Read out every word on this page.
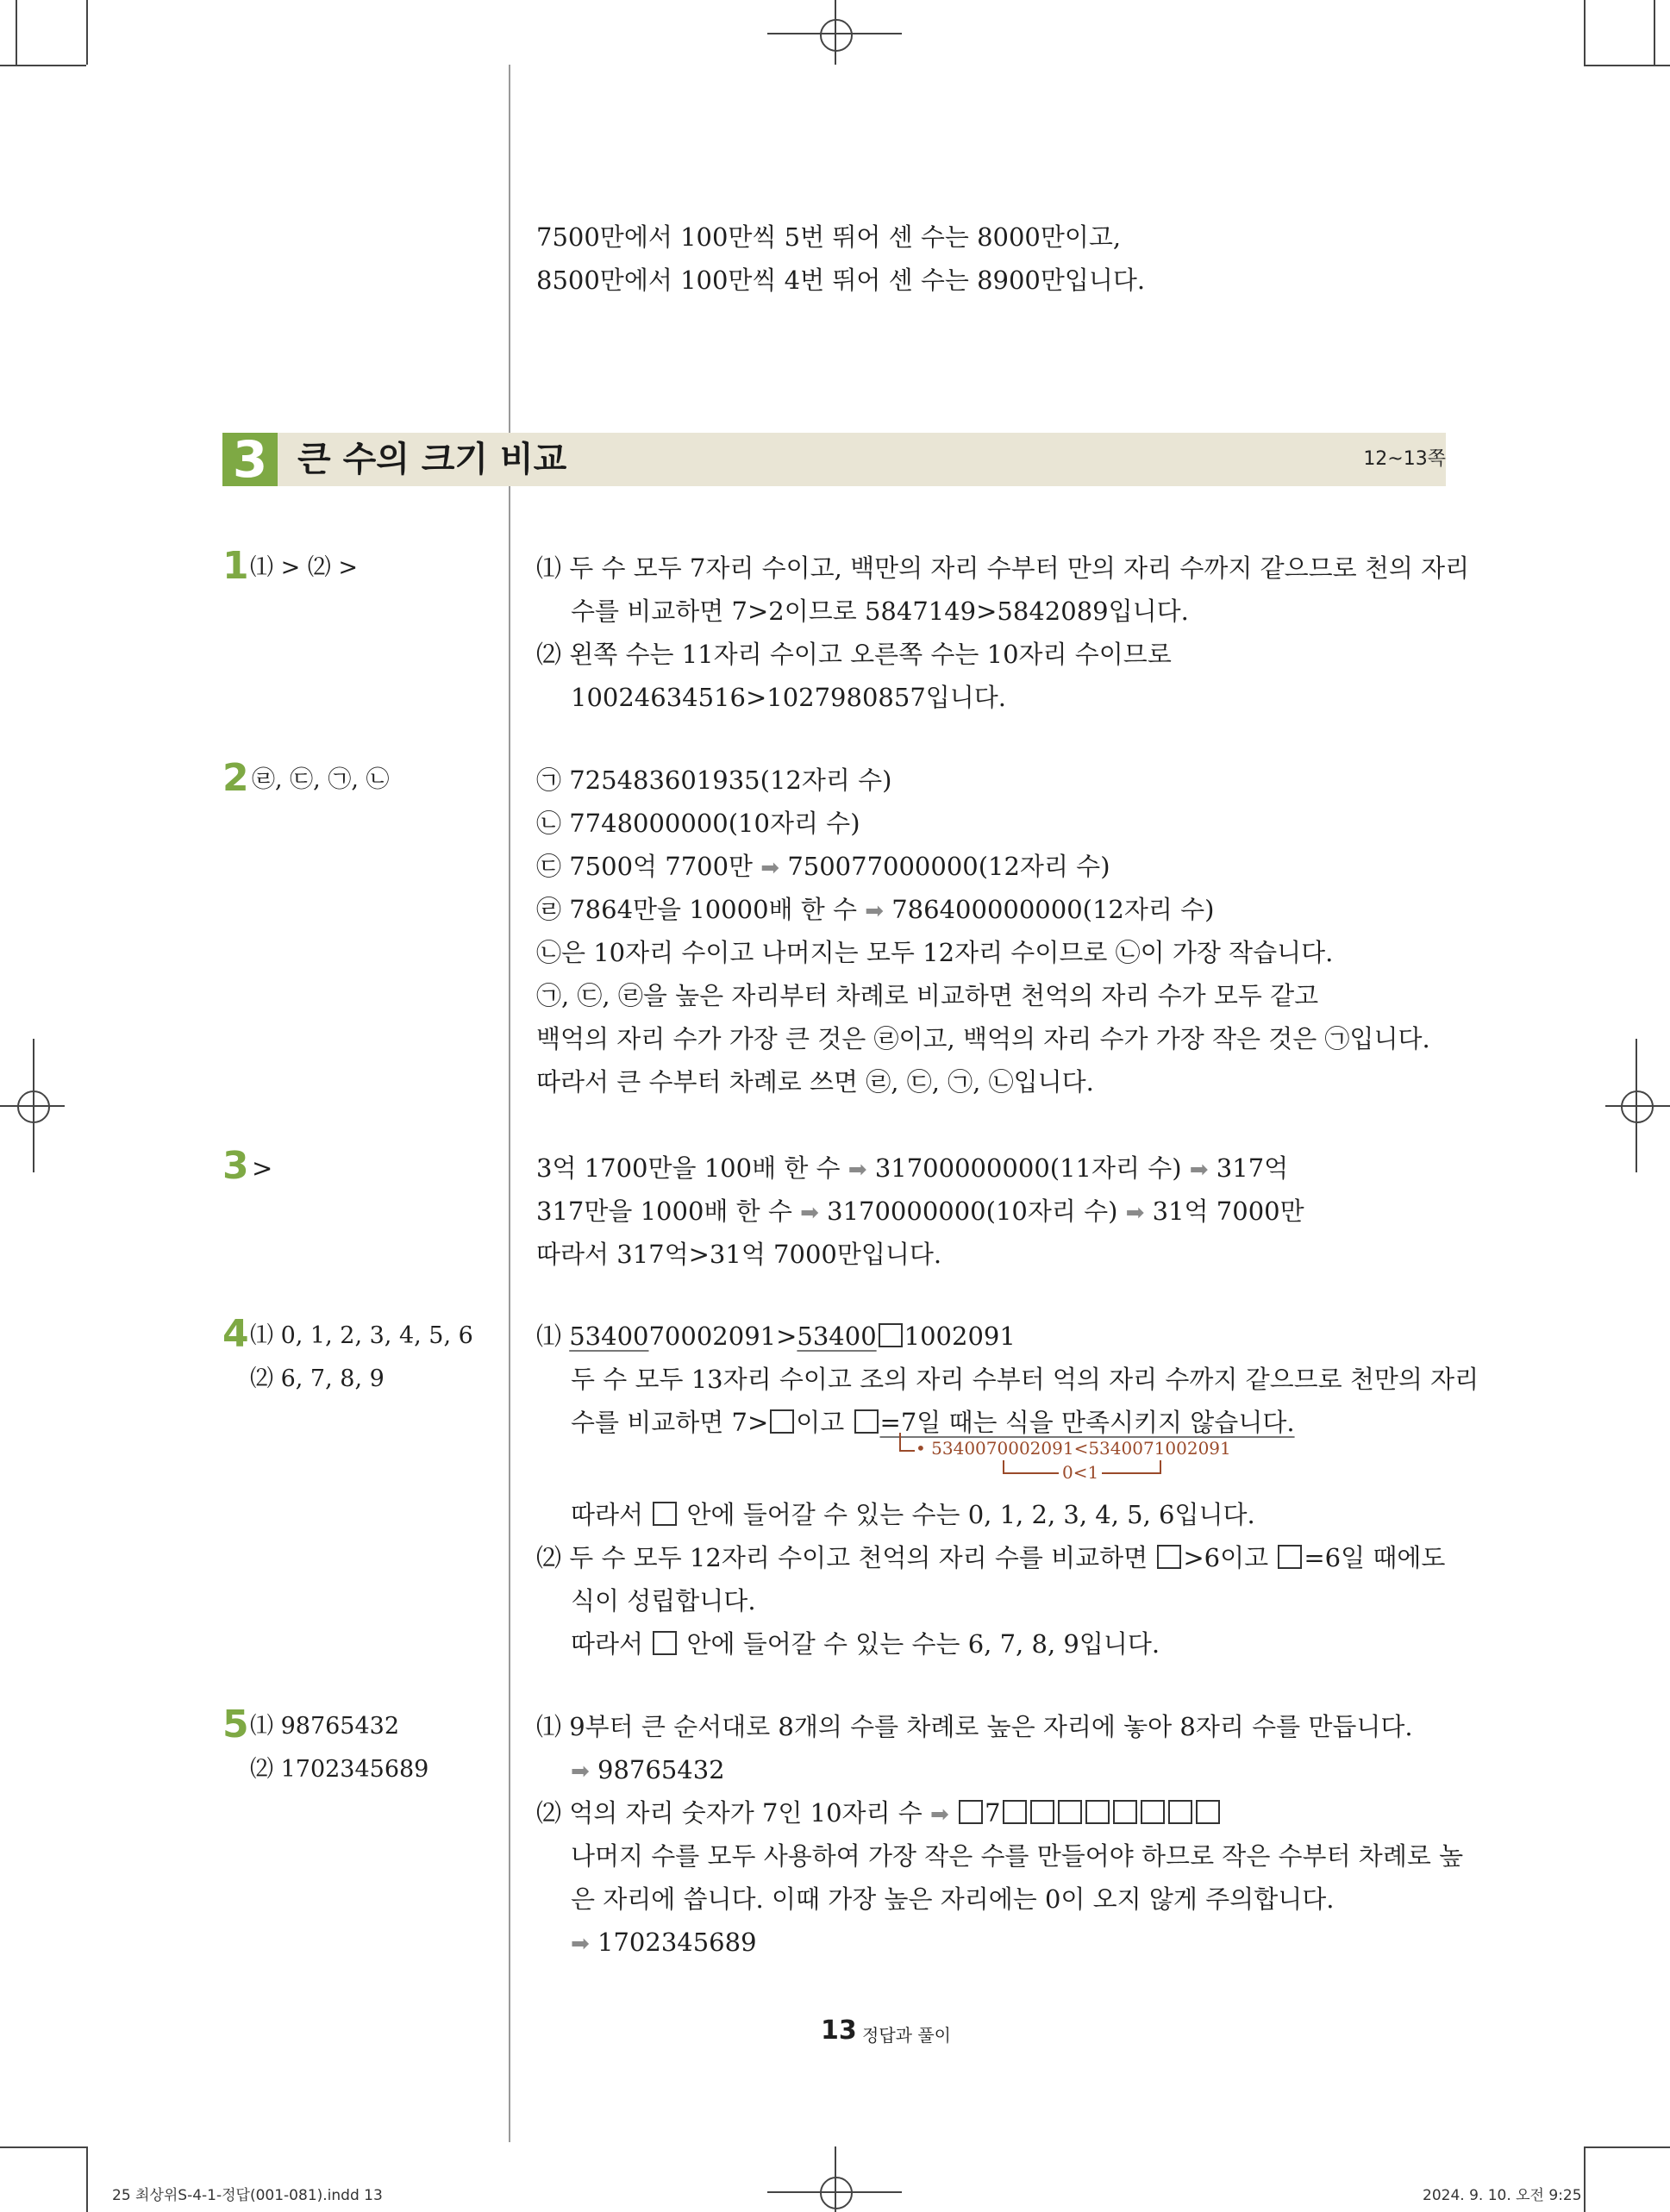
7500만에서 100만씩 5번 뛰어 센 수는 8000만이고,
8500만에서 100만씩 4번 뛰어 센 수는 8900만입니다.
3 큰 수의 크기 비교	12~13쪽
1 ⑴ > ⑵ >	⑴ 두 수 모두 7자리 수이고, 백만의 자리 수부터 만의 자리 수까지 같으므로 천의 자리
수를 비교하면 7>2이므로 5847149>5842089입니다.
⑵ 왼쪽 수는 11자리 수이고 오른쪽 수는 10자리 수이므로
10024634516>1027980857입니다.
2 ㉣, ㉢, ㉠, ㉡	㉠ 725483601935(12자리 수)
㉡ 7748000000(10자리 수)
㉢ 7500억 7700만 ➡ 750077000000(12자리 수)
㉣ 7864만을 10000배 한 수 ➡ 786400000000(12자리 수)
㉡은 10자리 수이고 나머지는 모두 12자리 수이므로 ㉡이 가장 작습니다.
㉠, ㉢, ㉣을 높은 자리부터 차례로 비교하면 천억의 자리 수가 모두 같고
백억의 자리 수가 가장 큰 것은 ㉣이고, 백억의 자리 수가 가장 작은 것은 ㉠입니다.
따라서 큰 수부터 차례로 쓰면 ㉣, ㉢, ㉠, ㉡입니다.
3 >	3억 1700만을 100배 한 수 ➡ 31700000000(11자리 수) ➡ 317억
317만을 1000배 한 수 ➡ 3170000000(10자리 수) ➡ 31억 7000만
따라서 317억>31억 7000만입니다.
4 ⑴ 0, 1, 2, 3, 4, 5, 6
⑵ 6, 7, 8, 9
⑴ 5340070002091>53400 1002091
두 수 모두 13자리 수이고 조의 자리 수부터 억의 자리 수까지 같으므로 천만의 자리
수를 비교하면 7> 이고 =7일 때는 식을 만족시키지 않습니다.
• 5340070002091<5340071002091
0<1
따라서  안에 들어갈 수 있는 수는 0, 1, 2, 3, 4, 5, 6입니다.
⑵ 두 수 모두 12자리 수이고 천억의 자리 수를 비교하면 >6이고 =6일 때에도
식이 성립합니다.
따라서  안에 들어갈 수 있는 수는 6, 7, 8, 9입니다.
5 ⑴ 98765432
⑵ 1702345689
⑴ 9부터 큰 순서대로 8개의 수를 차례로 높은 자리에 놓아 8자리 수를 만듭니다.
➡ 98765432
⑵ 억의 자리 숫자가 7인 10자리 수 ➡ 7
나머지 수를 모두 사용하여 가장 작은 수를 만들어야 하므로 작은 수부터 차례로 높
은 자리에 씁니다. 이때 가장 높은 자리에는 0이 오지 않게 주의합니다.
➡ 1702345689
13 정답과 풀이
25 최상위S-4-1-정답(001-081).indd 13	2024. 9. 10. 오전 9:25
